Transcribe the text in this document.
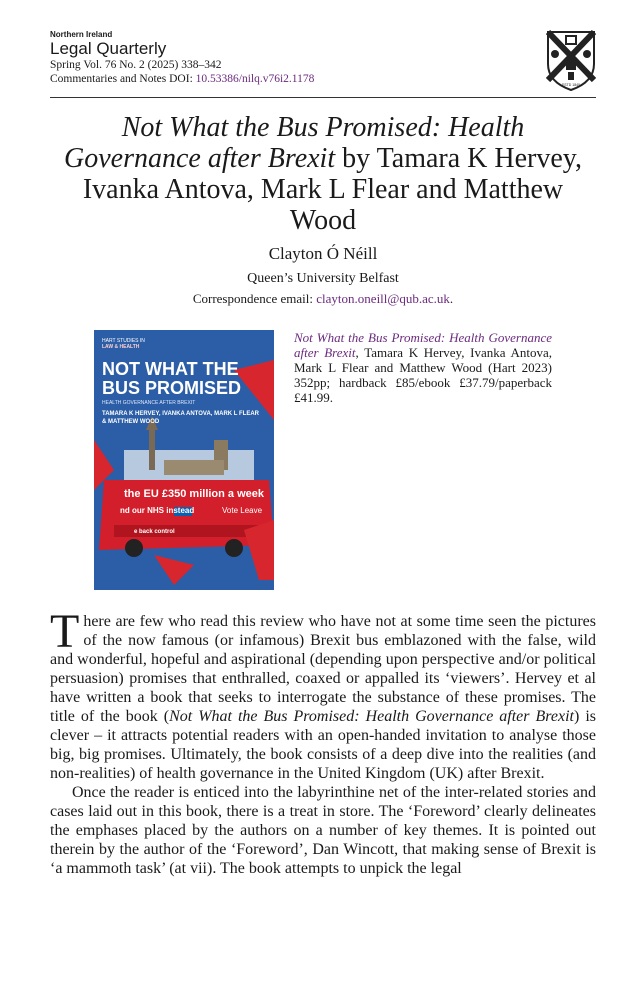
Northern Ireland

Legal Quarterly

Spring Vol. 76 No. 2 (2025) 338–342

Commentaries and Notes DOI: 10.53386/nilq.v76i2.1178	ESTD 1845
Not What the Bus Promised: Health Governance after Brexit by Tamara K Hervey, Ivanka Antova, Mark L Flear and Matthew Wood

Clayton Ó Néill

Queen’s University Belfast

Correspondence email: clayton.oneill@qub.ac.uk.

HART STUDIES IN
LAW & HEALTH
NOT WHAT THE BUS PROMISED
HEALTH GOVERNANCE AFTER BREXIT
TAMARA K HERVEY, IVANKA ANTOVA, MARK L FLEAR & MATTHEW WOOD
the EU £350 million a week
nd our NHS instead	Vote Leave
e back control

Not What the Bus Promised: Health Governance after Brexit, Tamara K Hervey, Ivanka Antova, Mark L Flear and Matthew Wood (Hart 2023) 352pp; hardback £85/ebook £37.79/paperback £41.99.

There are few who read this review who have not at some time seen the pictures of the now famous (or infamous) Brexit bus emblazoned with the false, wild and wonderful, hopeful and aspirational (depending upon perspective and/or political persuasion) promises that enthralled, coaxed or appalled its ‘viewers’. Hervey et al have written a book that seeks to interrogate the substance of these promises. The title of the book (Not What the Bus Promised: Health Governance after Brexit) is clever – it attracts potential readers with an open-handed invitation to analyse those big, big promises. Ultimately, the book consists of a deep dive into the realities (and non-realities) of health governance in the United Kingdom (UK) after Brexit.

Once the reader is enticed into the labyrinthine net of the inter-related stories and cases laid out in this book, there is a treat in store. The ‘Foreword’ clearly delineates the emphases placed by the authors on a number of key themes. It is pointed out therein by the author of the ‘Foreword’, Dan Wincott, that making sense of Brexit is ‘a mammoth task’ (at vii). The book attempts to unpick the legal
